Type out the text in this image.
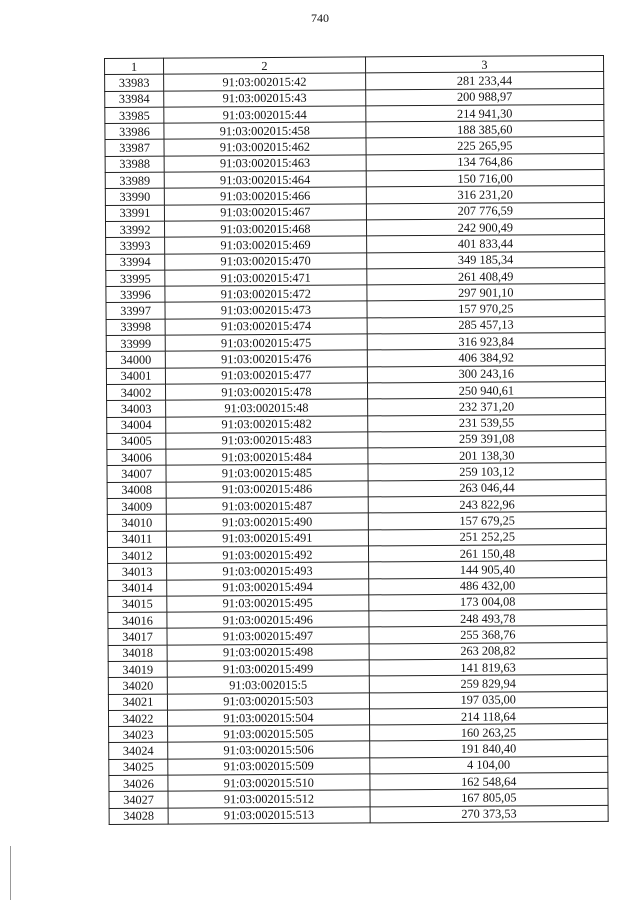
740
1	2	3
33983	91:03:002015:42	281 233,44
33984	91:03:002015:43	200 988,97
33985	91:03:002015:44	214 941,30
33986	91:03:002015:458	188 385,60
33987	91:03:002015:462	225 265,95
33988	91:03:002015:463	134 764,86
33989	91:03:002015:464	150 716,00
33990	91:03:002015:466	316 231,20
33991	91:03:002015:467	207 776,59
33992	91:03:002015:468	242 900,49
33993	91:03:002015:469	401 833,44
33994	91:03:002015:470	349 185,34
33995	91:03:002015:471	261 408,49
33996	91:03:002015:472	297 901,10
33997	91:03:002015:473	157 970,25
33998	91:03:002015:474	285 457,13
33999	91:03:002015:475	316 923,84
34000	91:03:002015:476	406 384,92
34001	91:03:002015:477	300 243,16
34002	91:03:002015:478	250 940,61
34003	91:03:002015:48	232 371,20
34004	91:03:002015:482	231 539,55
34005	91:03:002015:483	259 391,08
34006	91:03:002015:484	201 138,30
34007	91:03:002015:485	259 103,12
34008	91:03:002015:486	263 046,44
34009	91:03:002015:487	243 822,96
34010	91:03:002015:490	157 679,25
34011	91:03:002015:491	251 252,25
34012	91:03:002015:492	261 150,48
34013	91:03:002015:493	144 905,40
34014	91:03:002015:494	486 432,00
34015	91:03:002015:495	173 004,08
34016	91:03:002015:496	248 493,78
34017	91:03:002015:497	255 368,76
34018	91:03:002015:498	263 208,82
34019	91:03:002015:499	141 819,63
34020	91:03:002015:5	259 829,94
34021	91:03:002015:503	197 035,00
34022	91:03:002015:504	214 118,64
34023	91:03:002015:505	160 263,25
34024	91:03:002015:506	191 840,40
34025	91:03:002015:509	4 104,00
34026	91:03:002015:510	162 548,64
34027	91:03:002015:512	167 805,05
34028	91:03:002015:513	270 373,53
